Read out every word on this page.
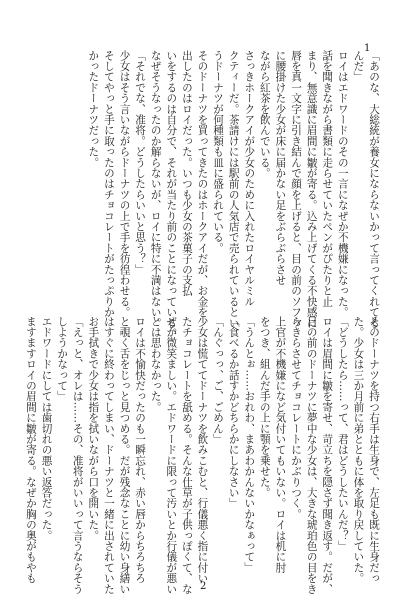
1
「あのな、大総統が養女にならないかって言ってくれてる
んだ」
ロイはエドワードのその一言になぜか不機嫌になった。
話を聞きながら書類に走らせていたペンがぴたりと止
まり、無意識に眉間に皺が寄る。込み上げてくる不快感に
唇を真一文字に引き結んで顔を上げると、目の前のソファ
に腰掛けた少女が床に届かない足をぶらぶらさせ
ながら紅茶を飲んでいる。
さっきホークアイが少女のために入れたロイヤルミル
クティーだ。茶請けには駅前の人気店で売られているとい
うドーナツが何種類も皿に盛られている。
そのドーナツを買ってきたのはホークアイだが、お金を
出したのはロイだった。いつも少女の茶菓子の支払
いをするのは自分で、それが当たり前のことになっている。
なぜそうなったのか解らないが、ロイに特に不満はない。
「それでな、准将。どうしたらいいと思う？」
少女はそう言いながらドーナツの上で手を彷徨わせる。
そしてやっと手に取ったのはチョコレートがたっぷりか
かったドーナツだった。
そのドーナツを持つ右手は生身で、左足も既に生身だっ
た。少女は三か月前に弟とともに体を取り戻していた。
「どうしたら……って、君はどうしたいんだ？」
ロイは眉間に皺を寄せ、苛立ちを隠さず聞き返す。だが、
目の前のドーナツに夢中な少女は、大きな琥珀色の目をき
らきらさせてチョコレートにかぶりつく。
上官が不機嫌になど気付いてもいない。ロイは机に肘
をつき、組んだ手の上に顎を乗せた。
「うんとぉ……おれわ、まあわかんないかなぁって」
「食べるか話すかどちらかにしなさい」
「んぐっっ、ご、ごめん」
少女は慌ててドーナツを飲みこむと、行儀悪く指に付い
たチョコレートを舐める。そんな仕草が子供っぽくて、な
ぜか微笑ましい。エドワードに限って汚いとか行儀が悪い
とは思わなかった。
ロイは不愉快だったのも一瞬忘れ、赤い唇からちろちろ
と覗く舌をじっと見つめる。だが残念なことに幼い身繕い
はすぐに終わってしまい、ドーナツと一緒に出されていた
お手拭きで少女は指を拭いながら口を開いた。
「えっと、オレは……その、准将がいいって言うならそう
しようかなって」
エドワードにしては歯切れの悪い返答だった。
ますますロイの眉間に皺が寄る。なぜか胸の奥がもやも
2
